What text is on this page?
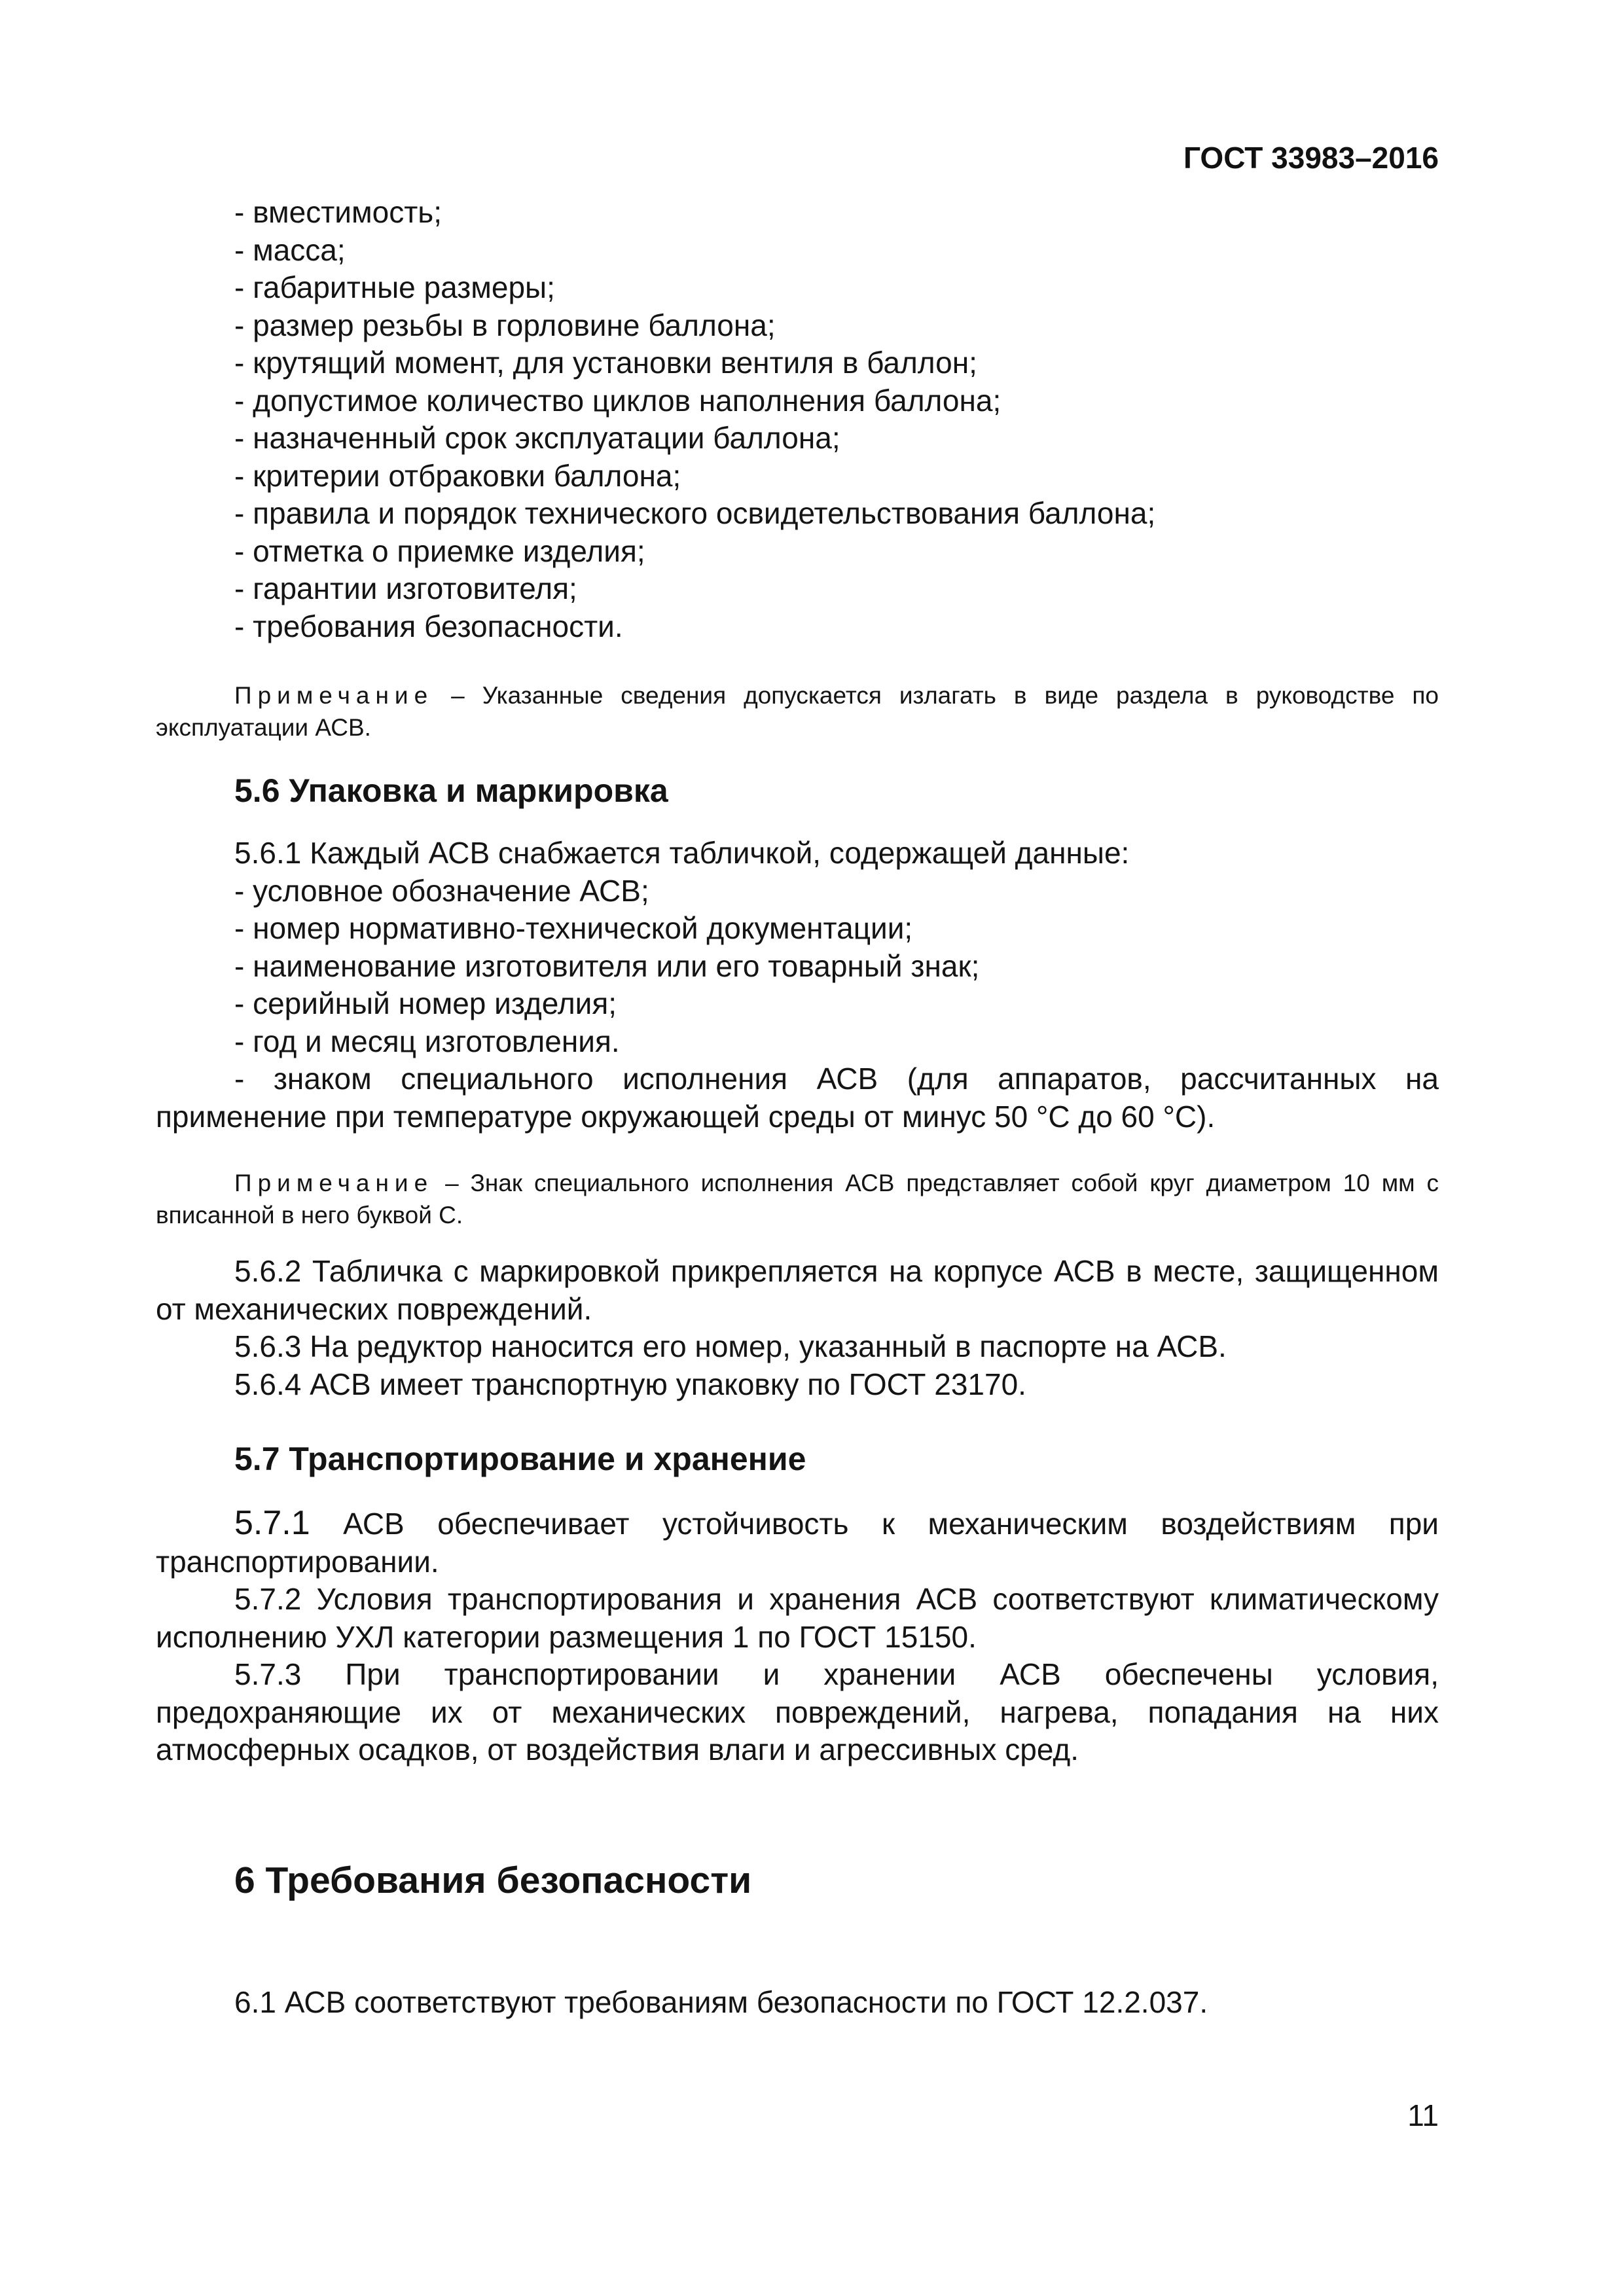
ГОСТ 33983–2016
- вместимость;
- масса;
- габаритные размеры;
- размер резьбы в горловине баллона;
- крутящий момент, для установки вентиля в баллон;
- допустимое количество циклов наполнения баллона;
- назначенный срок эксплуатации баллона;
- критерии отбраковки баллона;
- правила и порядок технического освидетельствования баллона;
- отметка о приемке изделия;
- гарантии изготовителя;
- требования безопасности.
Примечание – Указанные сведения допускается излагать в виде раздела в руководстве по эксплуатации АСВ.
5.6 Упаковка и маркировка
5.6.1 Каждый АСВ снабжается табличкой, содержащей данные:
- условное обозначение АСВ;
- номер нормативно-технической документации;
- наименование изготовителя или его товарный знак;
- серийный номер изделия;
- год и месяц изготовления.
- знаком специального исполнения АСВ (для аппаратов, рассчитанных на применение при температуре окружающей среды от минус 50 °С до 60 °С).
Примечание – Знак специального исполнения АСВ представляет собой круг диаметром 10 мм с вписанной в него буквой С.
5.6.2 Табличка с маркировкой прикрепляется на корпусе АСВ в месте, защищенном от механических повреждений.
5.6.3 На редуктор наносится его номер, указанный в паспорте на АСВ.
5.6.4 АСВ имеет транспортную упаковку по ГОСТ 23170.
5.7 Транспортирование и хранение
5.7.1 АСВ обеспечивает устойчивость к механическим воздействиям при транспортировании.
5.7.2 Условия транспортирования и хранения АСВ соответствуют климатическому исполнению УХЛ категории размещения 1 по ГОСТ 15150.
5.7.3 При транспортировании и хранении АСВ обеспечены условия, предохраняющие их от механических повреждений, нагрева, попадания на них атмосферных осадков, от воздействия влаги и агрессивных сред.
6 Требования безопасности
6.1 АСВ соответствуют требованиям безопасности по ГОСТ 12.2.037.
11
